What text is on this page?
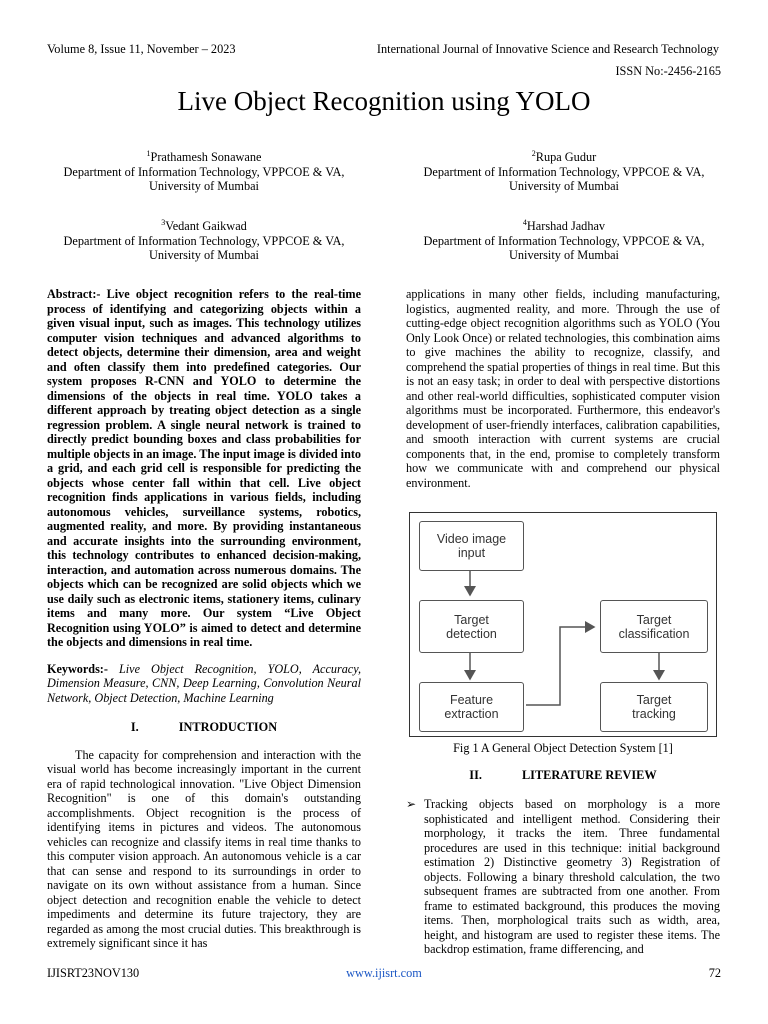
Volume 8, Issue 11, November – 2023	International Journal of Innovative Science and Research Technology
ISSN No:-2456-2165
Live Object Recognition using YOLO
$^1$Prathamesh Sonawane
Department of Information Technology, VPPCOE & VA,
University of Mumbai
$^2$Rupa Gudur
Department of Information Technology, VPPCOE & VA,
University of Mumbai
$^3$Vedant Gaikwad
Department of Information Technology, VPPCOE & VA,
University of Mumbai
$^4$Harshad Jadhav
Department of Information Technology, VPPCOE & VA,
University of Mumbai

Abstract:- Live object recognition refers to the real-time process of identifying and categorizing objects within a given visual input, such as images. This technology utilizes computer vision techniques and advanced algorithms to detect objects, determine their dimension, area and weight and often classify them into predefined categories. Our system proposes R-CNN and YOLO to determine the dimensions of the objects in real time. YOLO takes a different approach by treating object detection as a single regression problem. A single neural network is trained to directly predict bounding boxes and class probabilities for multiple objects in an image. The input image is divided into a grid, and each grid cell is responsible for predicting the objects whose center fall within that cell. Live object recognition finds applications in various fields, including autonomous vehicles, surveillance systems, robotics, augmented reality, and more. By providing instantaneous and accurate insights into the surrounding environment, this technology contributes to enhanced decision-making, interaction, and automation across numerous domains. The objects which can be recognized are solid objects which we use daily such as electronic items, stationery items, culinary items and many more. Our system “Live Object Recognition using YOLO” is aimed to detect and determine the objects and dimensions in real time.

Keywords:- Live Object Recognition, YOLO, Accuracy, Dimension Measure, CNN, Deep Learning, Convolution Neural Network, Object Detection, Machine Learning

I.	INTRODUCTION

The capacity for comprehension and interaction with the visual world has become increasingly important in the current era of rapid technological innovation. "Live Object Dimension Recognition" is one of this domain's outstanding accomplishments. Object recognition is the process of identifying items in pictures and videos. The autonomous vehicles can recognize and classify items in real time thanks to this computer vision approach. An autonomous vehicle is a car that can sense and respond to its surroundings in order to navigate on its own without assistance from a human. Since object detection and recognition enable the vehicle to detect impediments and determine its future trajectory, they are regarded as among the most crucial duties. This breakthrough is extremely significant since it has

applications in many other fields, including manufacturing, logistics, augmented reality, and more. Through the use of cutting-edge object recognition algorithms such as YOLO (You Only Look Once) or related technologies, this combination aims to give machines the ability to recognize, classify, and comprehend the spatial properties of things in real time. But this is not an easy task; in order to deal with perspective distortions and other real-world difficulties, sophisticated computer vision algorithms must be incorporated. Furthermore, this endeavor's development of user-friendly interfaces, calibration capabilities, and smooth interaction with current systems are crucial components that, in the end, promise to completely transform how we communicate with and comprehend our physical environment.

Video image input
Target detection
Feature extraction
Target classification
Target tracking
Fig 1 A General Object Detection System [1]
II.	LITERATURE REVIEW
➢ Tracking objects based on morphology is a more sophisticated and intelligent method. Considering their morphology, it tracks the item. Three fundamental procedures are used in this technique: initial background estimation 2) Distinctive geometry 3) Registration of objects. Following a binary threshold calculation, the two subsequent frames are subtracted from one another. From frame to estimated background, this produces the moving items. Then, morphological traits such as width, area, height, and histogram are used to register these items. The backdrop estimation, frame differencing, and

IJISRT23NOV130	www.ijisrt.com	72
